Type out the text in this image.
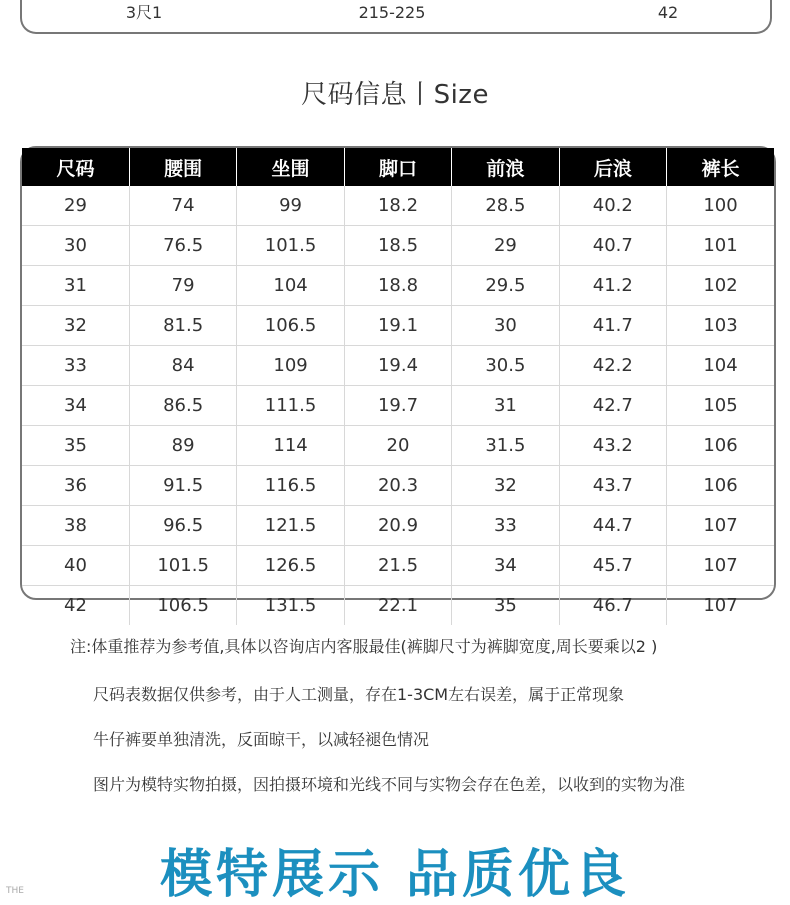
3尺1	215-225	42
尺码信息丨Size
尺码	腰围	坐围	脚口	前浪	后浪	裤长
29	74	99	18.2	28.5	40.2	100
30	76.5	101.5	18.5	29	40.7	101
31	79	104	18.8	29.5	41.2	102
32	81.5	106.5	19.1	30	41.7	103
33	84	109	19.4	30.5	42.2	104
34	86.5	111.5	19.7	31	42.7	105
35	89	114	20	31.5	43.2	106
36	91.5	116.5	20.3	32	43.7	106
38	96.5	121.5	20.9	33	44.7	107
40	101.5	126.5	21.5	34	45.7	107
42	106.5	131.5	22.1	35	46.7	107
注:体重推荐为参考值,具体以咨询店内客服最佳(裤脚尺寸为裤脚宽度,周长要乘以2 )
尺码表数据仅供参考，由于人工测量，存在1-3CM左右误差，属于正常现象
牛仔裤要单独清洗，反面晾干，以减轻褪色情况
图片为模特实物拍摄，因拍摄环境和光线不同与实物会存在色差，以收到的实物为准
模特展示 品质优良
THE
